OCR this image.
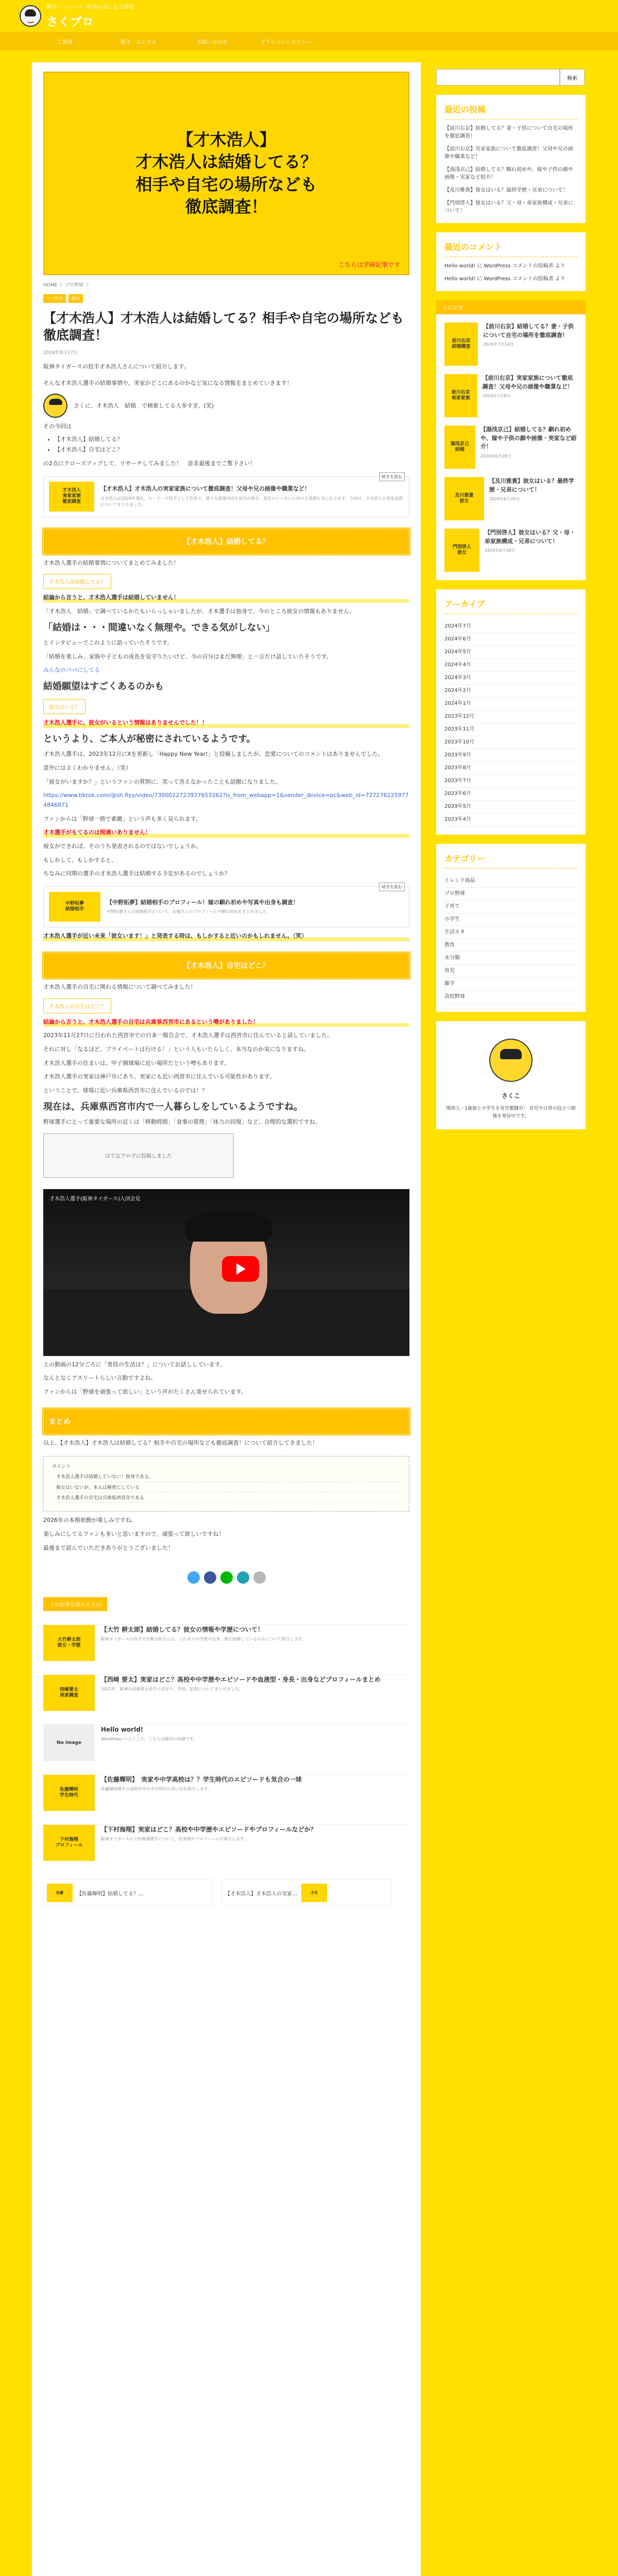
雑学・ニュース・時事の気になる情報
さくブロ
ご挨拶	雑学・エンタメ	お問い合わせ	プライバシーポリシー
【才木浩人】
才木浩人は結婚してる？
相手や自宅の場所なども
徹底調査！
こちらは学研記事です
HOME ＞ プロ野球 ＞
プロ野球	野球
【才木浩人】才木浩人は結婚してる？相手や自宅の場所なども徹底調査！
2024年8月17日

阪神タイガースの投手才木浩人さんについて紹介します。

そんな才木浩人選手の結婚事情や、実家がどこにあるのかなど気になる情報をまとめていきます！

さくに、才木浩人　結婚　で検索してる人多すぎ。(笑)

その今回は

• 【才木浩人】結婚してる？
• 【才木浩人】自宅はどこ？

の2点にクローズアップして、リサーチしてみました！　是非最後までご覧下さい！

続きを読む
才木浩人
実家家族
徹底調査
【才木浩人】才木浩人の実家家族について徹底調査！父母や兄の画像や職業など！
才木浩人は2024年現在、セ・リーグ投手として有名で、様々な投球内容や試合が続き、直近のシーズンに向けた成績も気になります。今回は、才木浩人の実家家族についてまとめました。
【才木浩人】結婚してる？

才木浩人選手の結婚事情についてまとめてみました！

才木浩人は結婚してる？

結論から言うと、才木浩人選手は結婚していません！

「才木浩人　結婚」で調べているかたもいらっしゃいましたが、才木選手は独身で、今のところ彼女の情報もありません。

「結婚は・・・間違いなく無理や。できる気がしない」

とインタビューでこのように語っていたそうです。

「結婚を楽しみ、家族や子どもの成長を見守りたいけど、今の自分はまだ無理」と一言だけ話していたそうです。

みんなのパパにしてる

結婚願望はすごくあるのかも
彼女はいる？

才木浩人選手に、彼女がいるという情報はありませんでした！！

というより、ご本人が秘密にされているようです。

才木浩人選手は、2023年12月にXを更新し「Happy New Year!」と投稿しましたが、恋愛についてのコメントはありませんでした。

意外にはよくわかりません。（笑）

「彼女がいますか？」というファンの質問に、笑って答えなかったことも話題になりました。

https://www.tiktok.com/@sh.fiyy/video/7300022723937653262?is_from_webapp=1&sender_device=pc&web_id=7272762259774846871

ファンからは「野球一筋で素敵」という声も多く見られます。

才木選手がもてるのは間違いありません！

彼女ができれば、そのうち発表されるのではないでしょうか。

もしかして、もしかすると、

ちなみに同期の選手の才木浩人選手は結婚する予定があるのでしょうか？

続きを読む
中野拓夢
結婚相手
【中野拓夢】結婚相手のプロフィール！嫁の馴れ初めや写真や出身も調査！
中野拓夢さんの結婚相手について、お嫁さんのプロフィールや馴れ初めをまとめました。

才木浩人選手が近い未来「彼女います！」と発表する時は、もしかすると近いのかもしれません。（笑）

【才木浩人】自宅はどこ？

才木浩人選手の自宅に関わる情報について調べてみました！

才木浩人の自宅はどこ？

結論から言うと、才木浩人選手の自宅は兵庫県西宮市にあるという噂がありました！

2023年11月27日に行われた西宮市での日本一報告会で、才木浩人選手は西宮市に住んでいると話していました。

それに対し「なるほど、プライベートは行ける！」という人もいたらしく、本当なのか気になりますね。

才木浩人選手の住まいは、甲子園球場に近い場所だという噂もあります。

才木浩人選手の実家は神戸市にあり、実家にも近い西宮市に住んでいる可能性があります。

ということで、球場に近い兵庫県西宮市に住んでいるのでは！？

現在は、兵庫県西宮市内で一人暮らしをしているようですね。

野球選手にとって重要な場所の近くは「移動時間」「食事の管理」「体力の回復」など、合理的な選択ですね。

はてなブログに投稿しました
才木浩人選手(阪神タイガース)入団会見

上の動画の12分ごろに「普段の生活は？」についてお話ししています。

なんとなくアスリートらしい言動ですよね。

ファンからは「野球を頑張って欲しい」という声がたくさん寄せられています。

まとめ

以上、【才木浩人】才木浩人は結婚してる？相手や自宅の場所なども徹底調査！について紹介してきました！

ポイント
才木浩人選手は結婚していない！独身である。
彼女はいないが、本人は秘密にしている
才木浩人選手の自宅は兵庫県西宮市である

2026年の本格始動が楽しみですね。

楽しみにしてるファンも多いと思いますので、頑張って欲しいですね！

最後まで読んでいただきありがとうございました！

この記事を読んだ人は
大竹耕太郎
彼女・学歴
【大竹 耕太郎】結婚してる？彼女の情報や学歴について！
阪神タイガースの投手大竹耕太郎さんは、これまでの学歴や出身、現在結婚しているのかについて紹介します。
西﨑要太
実家調査
【西﨑 要太】実家はどこ？高校や中学歴やエピソードや血液型・身長・出身などプロフィールまとめ
2021年、阪神の西﨑要太投手の実家や、学校、家族についてまとめました。
No image
Hello world!
WordPress へようこそ。こちらは最初の投稿です。
佐藤輝明
学生時代
【佐藤輝明】　実家や中学高校は？？学生時代のエピソードも気合の一球
佐藤輝明選手の高校中学や学生時代の思い出を紹介します。
下村海翔
プロフィール
【下村海翔】実家はどこ？高校や中学歴やエピソードやプロフィールなどか？
阪神タイガースの下村海翔選手について、出身地やプロフィールを紹介します。
佐藤	【佐藤輝明】結婚してる？…	【才木浩人】才木浩人の実家…	才木
検索
最近の投稿
【前川右京】結婚してる？妻・子供について自宅の場所を徹底調査！
【前川右京】実家家族について徹底調査！父母や兄の画像や職業など！
【湯浅京己】結婚してる？馴れ初めや、嫁や子供の顔や画像・実家など紹介！
【及川雅貴】彼女はいる？最終学歴・兄弟について！
【門別啓人】彼女はいる？父・母・弟家族構成・兄弟について！
最近のコメント
Hello world! に WordPress コメントの投稿者 より
Hello world! に WordPress コメントの投稿者 より
注目記事
前川右京
結婚調査
【前川右京】結婚してる？妻・子供について自宅の場所を徹底調査！
2024年7月14日
前川右京
実家家族
【前川右京】実家家族について徹底調査！父母や兄の画像や職業など！
2024年7月8日
湯浅京己
結婚
【湯浅京己】結婚してる？馴れ初めや、嫁や子供の顔や画像・実家など紹介！
2024年6月28日
及川雅貴
彼女
【及川雅貴】彼女はいる？最終学歴・兄弟について！
2024年6月24日
門別啓人
彼女
【門別啓人】彼女はいる？父・母・弟家族構成・兄弟について！
2024年6月18日
アーカイブ
2024年7月
2024年6月
2024年5月
2024年4月
2024年3月
2024年2月
2024年1月
2023年12月
2023年11月
2023年10月
2023年9月
2023年8月
2023年7月
2023年6月
2023年5月
2023年4月
カテゴリー
トレンド商品
プロ野球
子育て
小学生
生活ネタ
教育
未分類
育児
雑学
高校野球
さくこ

関西人・1歳娘と小学生を育児奮闘中！ 育児や日常の役立つ情報を発信中です。
